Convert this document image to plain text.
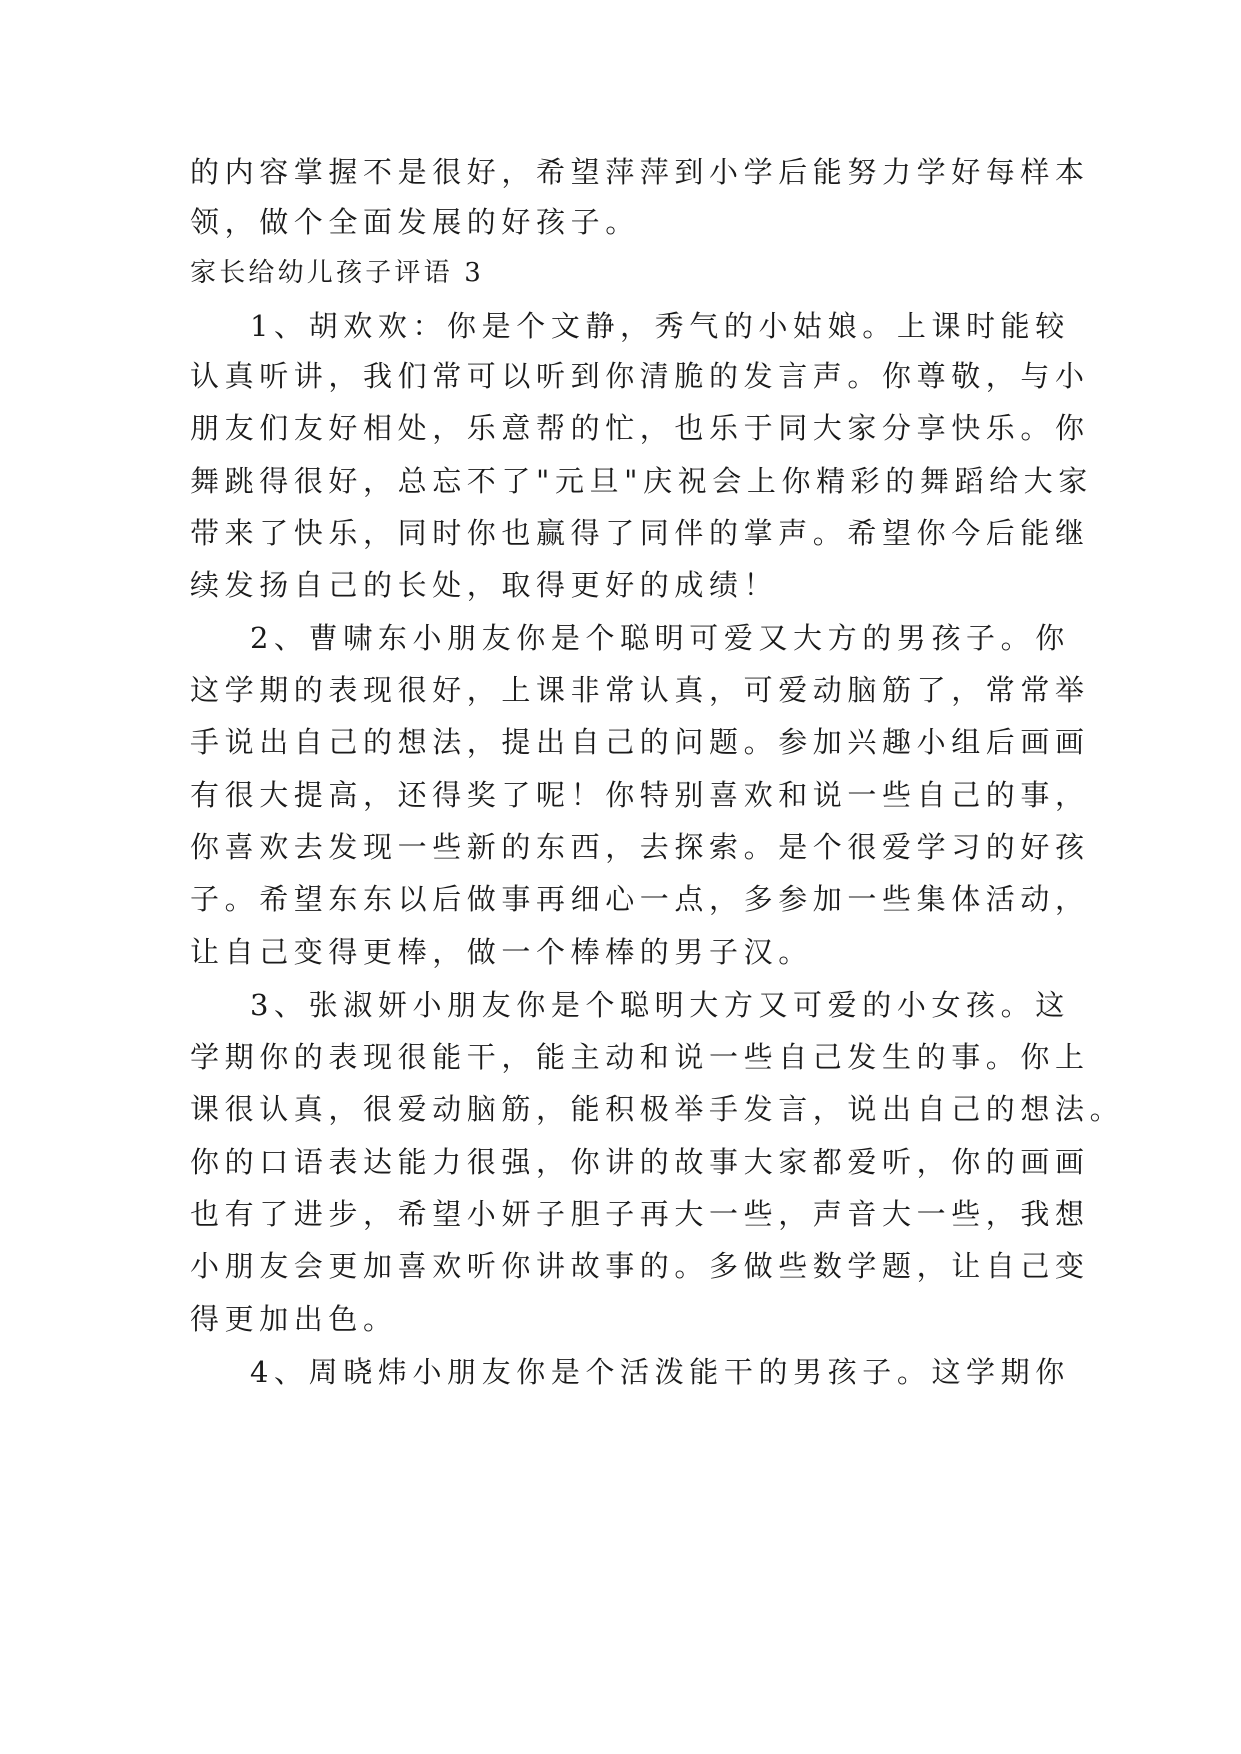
的内容掌握不是很好，希望萍萍到小学后能努力学好每样本
领，做个全面发展的好孩子。
家长给幼儿孩子评语 3
1、胡欢欢：你是个文静，秀气的小姑娘。上课时能较
认真听讲，我们常可以听到你清脆的发言声。你尊敬，与小
朋友们友好相处，乐意帮的忙，也乐于同大家分享快乐。你
舞跳得很好，总忘不了"元旦"庆祝会上你精彩的舞蹈给大家
带来了快乐，同时你也赢得了同伴的掌声。希望你今后能继
续发扬自己的长处，取得更好的成绩！
2、曹啸东小朋友你是个聪明可爱又大方的男孩子。你
这学期的表现很好，上课非常认真，可爱动脑筋了，常常举
手说出自己的想法，提出自己的问题。参加兴趣小组后画画
有很大提高，还得奖了呢！你特别喜欢和说一些自己的事，
你喜欢去发现一些新的东西，去探索。是个很爱学习的好孩
子。希望东东以后做事再细心一点，多参加一些集体活动，
让自己变得更棒，做一个棒棒的男子汉。
3、张淑妍小朋友你是个聪明大方又可爱的小女孩。这
学期你的表现很能干，能主动和说一些自己发生的事。你上
课很认真，很爱动脑筋，能积极举手发言，说出自己的想法。
你的口语表达能力很强，你讲的故事大家都爱听，你的画画
也有了进步，希望小妍子胆子再大一些，声音大一些，我想
小朋友会更加喜欢听你讲故事的。多做些数学题，让自己变
得更加出色。
4、周晓炜小朋友你是个活泼能干的男孩子。这学期你
